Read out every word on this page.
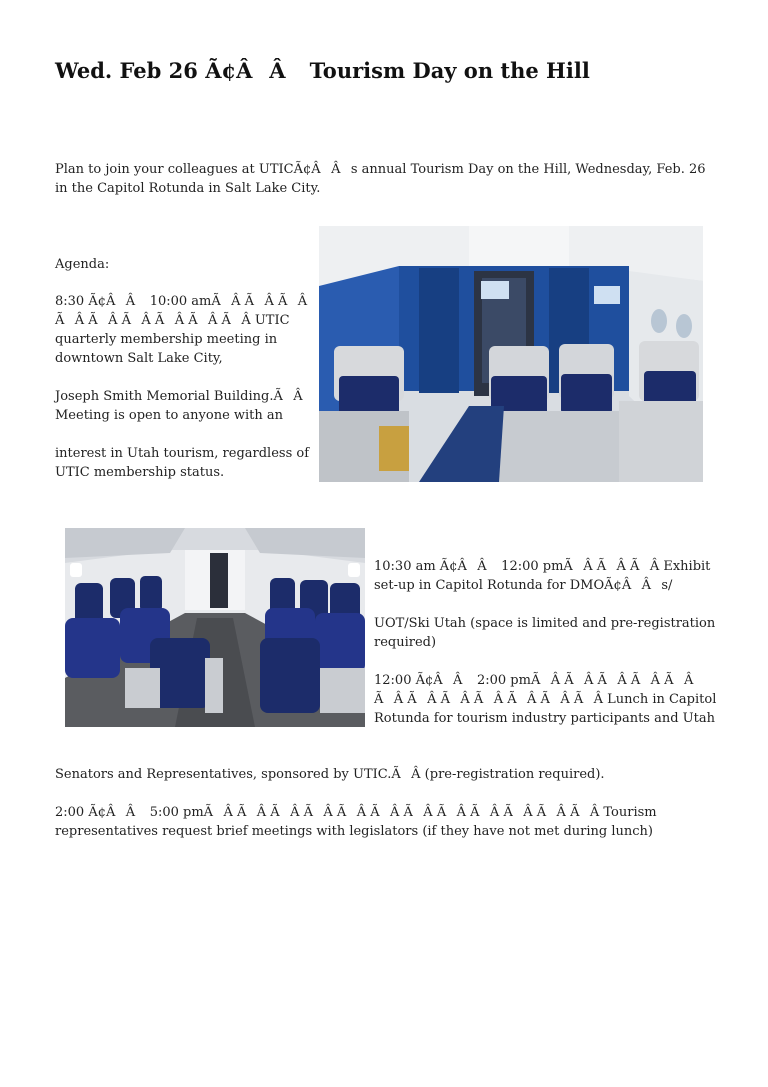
Wed. Feb 26 Ã¢ÂÂ Tourism Day on the Hill
Plan to join your colleagues at UTICÃ¢ÂÂs annual Tourism Day on the Hill, Wednesday, Feb. 26 in the Capitol Rotunda in Salt Lake City.
Agenda:

8:30 Ã¢ÂÂ 10:00 amÃÂ ÃÂ ÃÂ ÃÂ ÃÂ ÃÂ ÃÂ ÃÂ ÃÂ UTIC quarterly membership meeting in downtown Salt Lake City,

Joseph Smith Memorial Building.ÃÂ Meeting is open to anyone with an

interest in Utah tourism, regardless of UTIC membership status.

10:30 am Ã¢ÂÂ 12:00 pmÃÂ ÃÂ ÃÂ Exhibit set-up in Capitol Rotunda for DMOÃ¢ÂÂs/

UOT/Ski Utah (space is limited and pre-registration required)

12:00 Ã¢ÂÂ 2:00 pmÃÂ ÃÂ ÃÂ ÃÂ ÃÂ ÃÂ ÃÂ ÃÂ ÃÂ ÃÂ ÃÂ ÃÂ Lunch in Capitol Rotunda for tourism industry participants and Utah

Senators and Representatives, sponsored by UTIC.ÃÂ (pre-registration required).
2:00 Ã¢ÂÂ 5:00 pmÃÂ ÃÂ ÃÂ ÃÂ ÃÂ ÃÂ ÃÂ ÃÂ ÃÂ ÃÂ ÃÂ ÃÂ Tourism representatives request brief meetings with legislators (if they have not met during lunch)
